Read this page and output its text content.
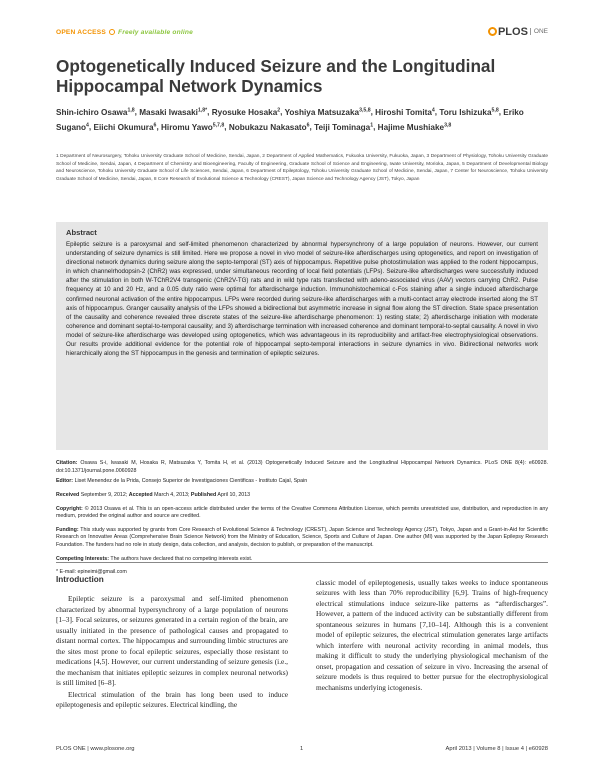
OPEN ACCESS Freely available online	PLOS ONE
Optogenetically Induced Seizure and the Longitudinal Hippocampal Network Dynamics
Shin-ichiro Osawa$^{1,8}$, Masaki Iwasaki$^{1,8*}$, Ryosuke Hosaka$^2$, Yoshiya Matsuzaka$^{3,5,8}$, Hiroshi Tomita$^4$, Toru Ishizuka$^{5,8}$, Eriko Sugano$^4$, Eiichi Okumura$^6$, Hiromu Yawo$^{5,7,8}$, Nobukazu Nakasato$^6$, Teiji Tominaga$^1$, Hajime Mushiake$^{3,8}$
1 Department of Neurosurgery, Tohoku University Graduate School of Medicine, Sendai, Japan, 2 Department of Applied Mathematics, Fukuoka University, Fukuoka, Japan, 3 Department of Physiology, Tohoku University Graduate School of Medicine, Sendai, Japan, 4 Department of Chemistry and Bioengineering, Faculty of Engineering, Graduate School of Science and Engineering, Iwate University, Morioka, Japan, 5 Department of Developmental Biology and Neuroscience, Tohoku University Graduate School of Life Sciences, Sendai, Japan, 6 Department of Epileptology, Tohoku University Graduate School of Medicine, Sendai, Japan, 7 Center for Neuroscience, Tohoku University Graduate School of Medicine, Sendai, Japan, 8 Core Research of Evolutional Science & Technology (CREST), Japan Science and Technology Agency (JST), Tokyo, Japan
Abstract
Epileptic seizure is a paroxysmal and self-limited phenomenon characterized by abnormal hypersynchrony of a large population of neurons. However, our current understanding of seizure dynamics is still limited. Here we propose a novel in vivo model of seizure-like afterdischarges using optogenetics, and report on investigation of directional network dynamics during seizure along the septo-temporal (ST) axis of hippocampus. Repetitive pulse photostimulation was applied to the rodent hippocampus, in which channelrhodopsin-2 (ChR2) was expressed, under simultaneous recording of local field potentials (LFPs). Seizure-like afterdischarges were successfully induced after the stimulation in both W-TChR2V4 transgenic (ChR2V-TG) rats and in wild type rats transfected with adeno-associated virus (AAV) vectors carrying ChR2. Pulse frequency at 10 and 20 Hz, and a 0.05 duty ratio were optimal for afterdischarge induction. Immunohistochemical c-Fos staining after a single induced afterdischarge confirmed neuronal activation of the entire hippocampus. LFPs were recorded during seizure-like afterdischarges with a multi-contact array electrode inserted along the ST axis of hippocampus. Granger causality analysis of the LFPs showed a bidirectional but asymmetric increase in signal flow along the ST direction. State space presentation of the causality and coherence revealed three discrete states of the seizure-like afterdischarge phenomenon: 1) resting state; 2) afterdischarge initiation with moderate coherence and dominant septal-to-temporal causality; and 3) afterdischarge termination with increased coherence and dominant temporal-to-septal causality. A novel in vivo model of seizure-like afterdischarge was developed using optogenetics, which was advantageous in its reproducibility and artifact-free electrophysiological observations. Our results provide additional evidence for the potential role of hippocampal septo-temporal interactions in seizure dynamics in vivo. Bidirectional networks work hierarchically along the ST hippocampus in the genesis and termination of epileptic seizures.

Citation: Osawa S-i, Iwasaki M, Hosaka R, Matsuzaka Y, Tomita H, et al. (2013) Optogenetically Induced Seizure and the Longitudinal Hippocampal Network Dynamics. PLoS ONE 8(4): e60928. doi:10.1371/journal.pone.0060928

Editor: Liset Menendez de la Prida, Consejo Superior de Investigaciones Cientificas - Instituto Cajal, Spain

Received September 9, 2012; Accepted March 4, 2013; Published April 10, 2013

Copyright: © 2013 Osawa et al. This is an open-access article distributed under the terms of the Creative Commons Attribution License, which permits unrestricted use, distribution, and reproduction in any medium, provided the original author and source are credited.

Funding: This study was supported by grants from Core Research of Evolutional Science & Technology (CREST), Japan Science and Technology Agency (JST), Tokyo, Japan and a Grant-in-Aid for Scientific Research on Innovative Areas (Comprehensive Brain Science Network) from the Ministry of Education, Science, Sports and Culture of Japan. One author (MI) was supported by the Japan Epilepsy Research Foundation. The funders had no role in study design, data collection, and analysis, decision to publish, or preparation of the manuscript.

Competing Interests: The authors have declared that no competing interests exist.

* E-mail: epineimi@gmail.com

Introduction

Epileptic seizure is a paroxysmal and self-limited phenomenon characterized by abnormal hypersynchrony of a large population of neurons [1–3]. Focal seizures, or seizures generated in a certain region of the brain, are usually initiated in the presence of pathological causes and propagated to distant normal cortex. The hippocampus and surrounding limbic structures are the sites most prone to focal epileptic seizures, especially those resistant to medications [4,5]. However, our current understanding of seizure genesis (i.e., the mechanism that initiates epileptic seizures in complex neuronal networks) is still limited [6–8].

Electrical stimulation of the brain has long been used to induce epileptogenesis and epileptic seizures. Electrical kindling, the

classic model of epileptogenesis, usually takes weeks to induce spontaneous seizures with less than 70% reproducibility [6,9]. Trains of high-frequency electrical stimulations induce seizure-like patterns as “afterdischarges”. However, a pattern of the induced activity can be substantially different from spontaneous seizures in humans [7,10–14]. Although this is a convenient model of epileptic seizures, the electrical stimulation generates large artifacts which interfere with neuronal activity recording in animal models, thus making it difficult to study the underlying physiological mechanism of the onset, propagation and cessation of seizure in vivo. Increasing the arsenal of seizure models is thus required to better pursue for the electrophysiological mechanisms underlying ictogenesis.

PLOS ONE | www.plosone.org	1	April 2013 | Volume 8 | Issue 4 | e60928
